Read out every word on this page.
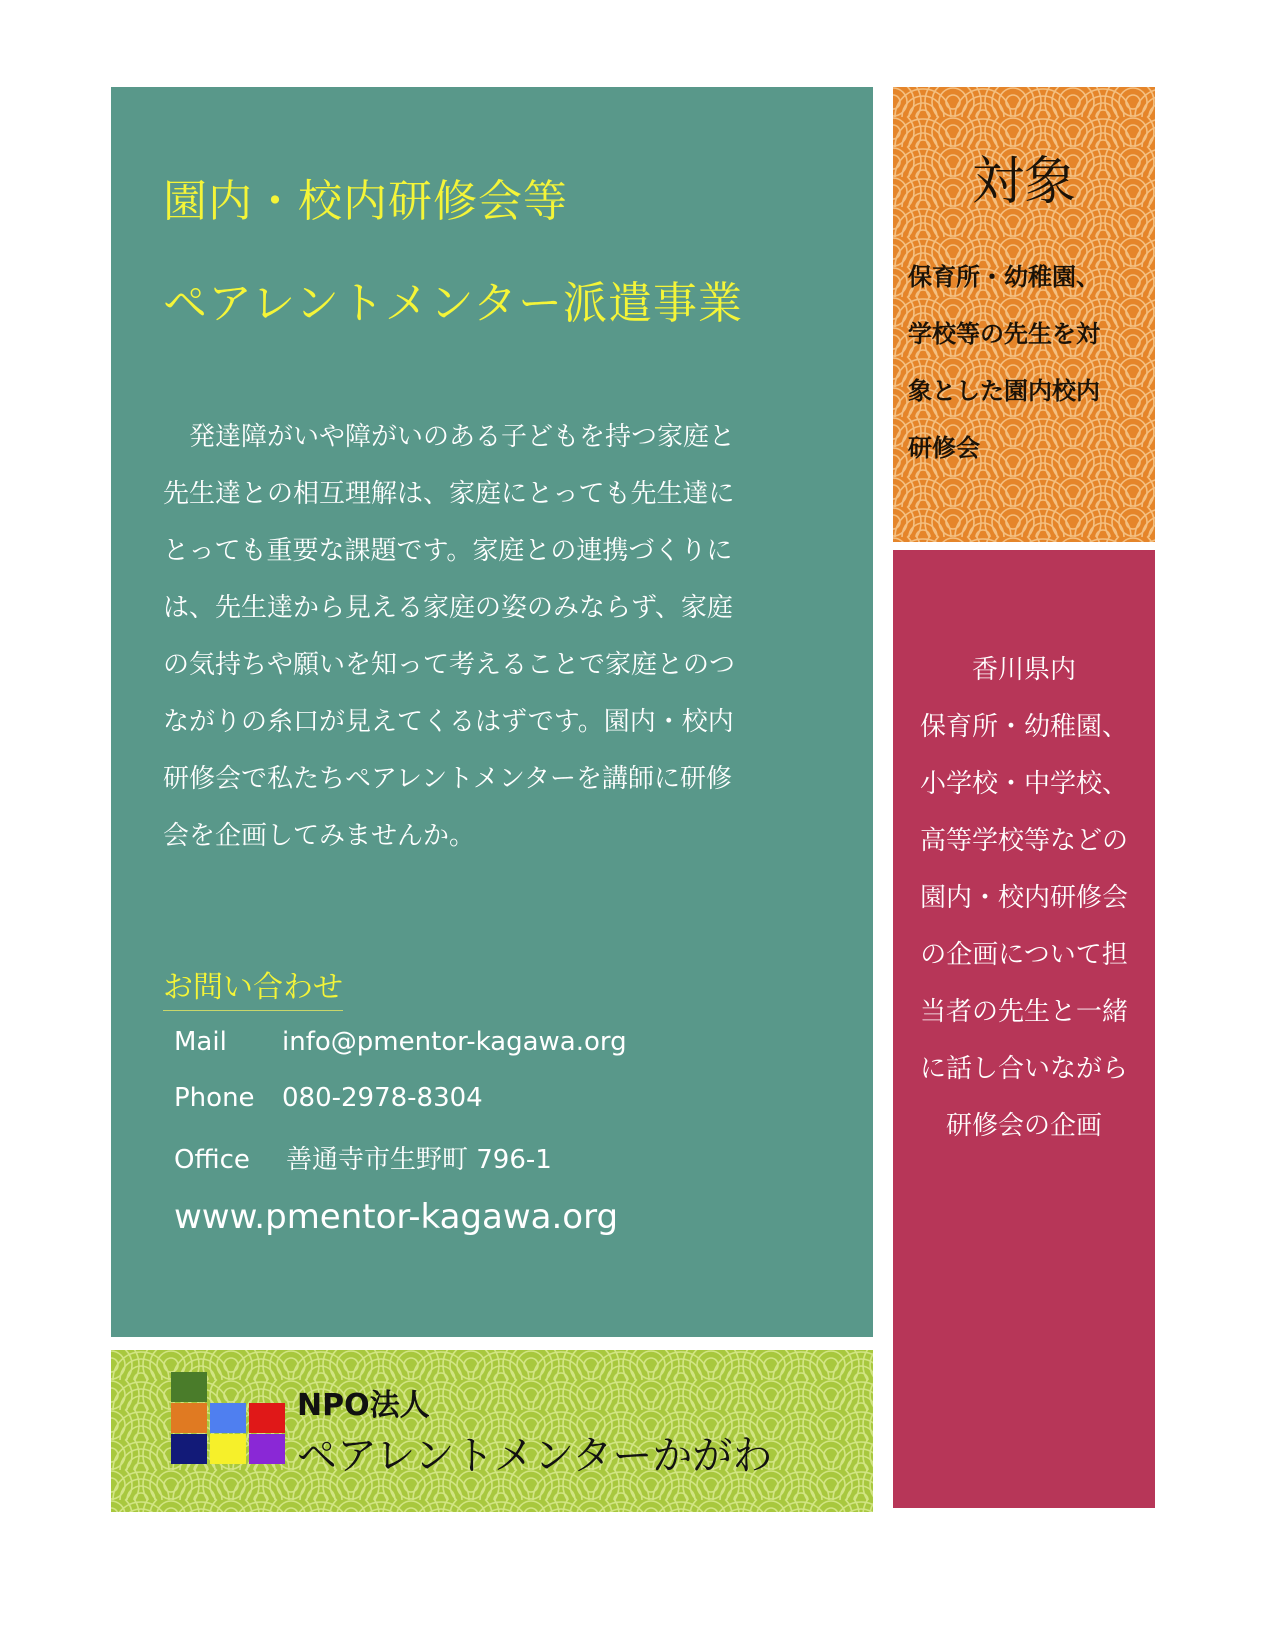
園内・校内研修会等
ペアレントメンター派遣事業
　発達障がいや障がいのある子どもを持つ家庭と
先生達との相互理解は、家庭にとっても先生達に
とっても重要な課題です。家庭との連携づくりに
は、先生達から見える家庭の姿のみならず、家庭
の気持ちや願いを知って考えることで家庭とのつ
ながりの糸口が見えてくるはずです。園内・校内
研修会で私たちペアレントメンターを講師に研修
会を企画してみませんか。
お問い合わせ
Mail info@pmentor-kagawa.org
Phone 080-2978-8304
Office 善通寺市生野町 796-1
www.pmentor-kagawa.org
対象
保育所・幼稚園、
学校等の先生を対
象とした園内校内
研修会
香川県内
保育所・幼稚園、
小学校・中学校、
高等学校等などの
園内・校内研修会
の企画について担
当者の先生と一緒
に話し合いながら
研修会の企画
NPO法人
ペアレントメンターかがわ
